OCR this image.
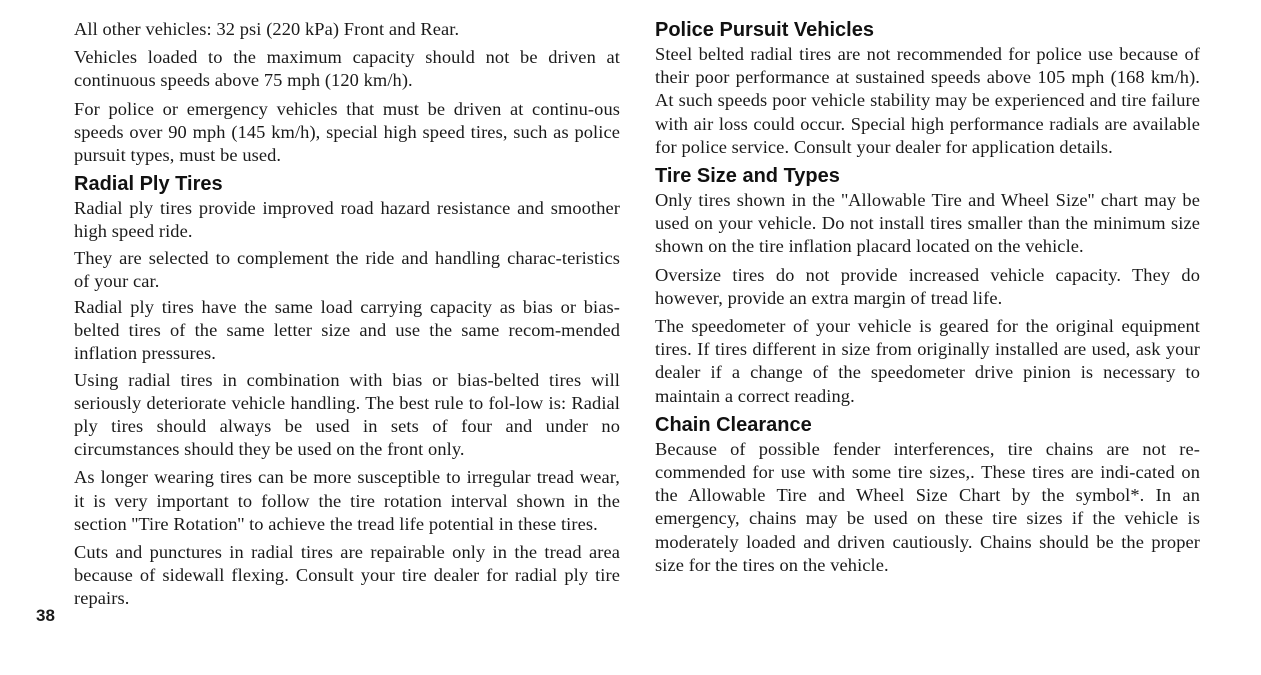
All other vehicles: 32 psi (220 kPa) Front and Rear.

Vehicles loaded to the maximum capacity should not be driven at continuous speeds above 75 mph (120 km/h).

For police or emergency vehicles that must be driven at continu-ous speeds over 90 mph (145 km/h), special high speed tires, such as police pursuit types, must be used.

Radial Ply Tires

Radial ply tires provide improved road hazard resistance and smoother high speed ride.

They are selected to complement the ride and handling charac-teristics of your car.

Radial ply tires have the same load carrying capacity as bias or bias-belted tires of the same letter size and use the same recom-mended inflation pressures.

Using radial tires in combination with bias or bias-belted tires will seriously deteriorate vehicle handling. The best rule to fol-low is: Radial ply tires should always be used in sets of four and under no circumstances should they be used on the front only.

As longer wearing tires can be more susceptible to irregular tread wear, it is very important to follow the tire rotation interval shown in the section ''Tire Rotation'' to achieve the tread life potential in these tires.

Cuts and punctures in radial tires are repairable only in the tread area because of sidewall flexing. Consult your tire dealer for radial ply tire repairs.

38
Police Pursuit Vehicles

Steel belted radial tires are not recommended for police use because of their poor performance at sustained speeds above 105 mph (168 km/h). At such speeds poor vehicle stability may be experienced and tire failure with air loss could occur. Special high performance radials are available for police service. Consult your dealer for application details.

Tire Size and Types

Only tires shown in the ''Allowable Tire and Wheel Size'' chart may be used on your vehicle. Do not install tires smaller than the minimum size shown on the tire inflation placard located on the vehicle.

Oversize tires do not provide increased vehicle capacity. They do however, provide an extra margin of tread life.

The speedometer of your vehicle is geared for the original equipment tires. If tires different in size from originally installed are used, ask your dealer if a change of the speedometer drive pinion is necessary to maintain a correct reading.

Chain Clearance

Because of possible fender interferences, tire chains are not re-commended for use with some tire sizes,. These tires are indi-cated on the Allowable Tire and Wheel Size Chart by the symbol*. In an emergency, chains may be used on these tire sizes if the vehicle is moderately loaded and driven cautiously. Chains should be the proper size for the tires on the vehicle.
